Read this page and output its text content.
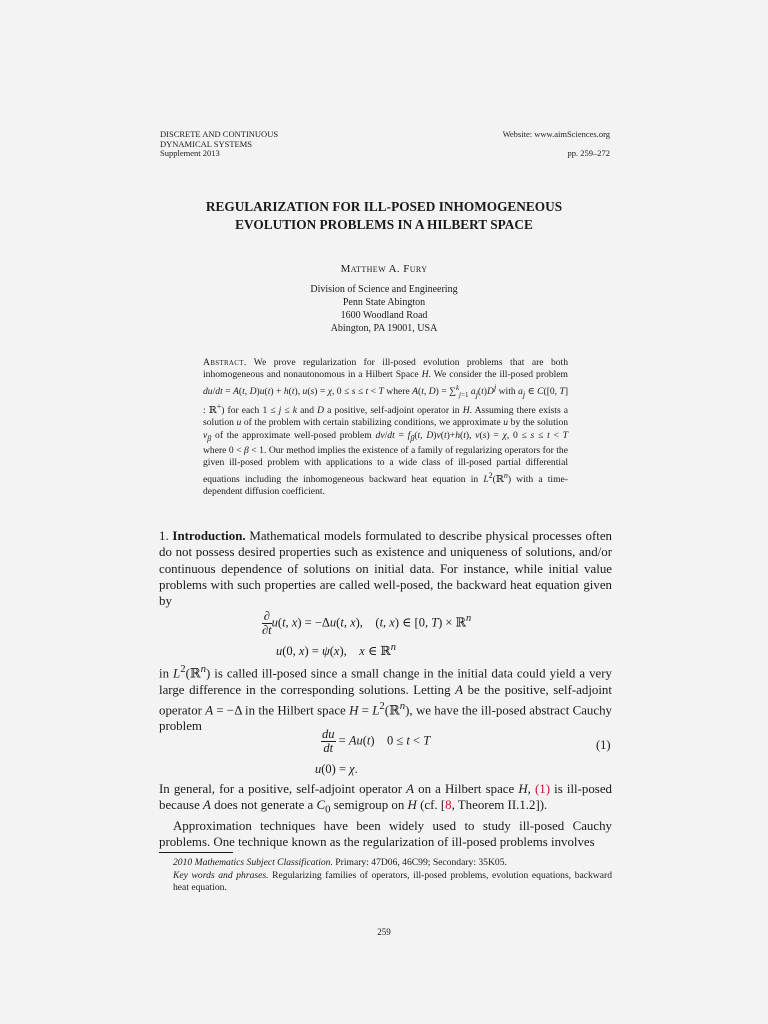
DISCRETE AND CONTINUOUS
DYNAMICAL SYSTEMS
Supplement 2013
Website: www.aimSciences.org
pp. 259–272
REGULARIZATION FOR ILL-POSED INHOMOGENEOUS
EVOLUTION PROBLEMS IN A HILBERT SPACE
Matthew A. Fury
Division of Science and Engineering
Penn State Abington
1600 Woodland Road
Abington, PA 19001, USA
Abstract. We prove regularization for ill-posed evolution problems that are both inhomogeneous and nonautonomous in a Hilbert Space H. We consider the ill-posed problem du/dt = A(t, D)u(t) + h(t), u(s) = χ, 0 ≤ s ≤ t < T where A(t, D) = ∑$^k_{j=1}$ $a_j(t)D^j$ with $a_j$ ∈ C([0, T] : ℝ+) for each 1 ≤ j ≤ k and D a positive, self-adjoint operator in H. Assuming there exists a solution u of the problem with certain stabilizing conditions, we approximate u by the solution $v_\beta$ of the approximate well-posed problem $dv/dt = f_\beta(t$, D)v(t)+h(t), v(s) = χ, 0 ≤ s ≤ t < T where 0 < β < 1. Our method implies the existence of a family of regularizing operators for the given ill-posed problem with applications to a wide class of ill-posed partial differential equations including the inhomogeneous backward heat equation in $L^2(ℝ^n)$ with a time-dependent diffusion coefficient.
1. Introduction. Mathematical models formulated to describe physical processes often do not possess desired properties such as existence and uniqueness of solutions, and/or continuous dependence of solutions on initial data. For instance, while initial value problems with such properties are called well-posed, the backward heat equation given by
$\frac{\partial}{\partial t} u(t$, x) = −Δu(t, x),    (t, x) ∈ [0, T) × ℝ$^n$
u(0, x) = ψ(x),    x ∈ ℝ$^n$
in $L^2(ℝ^n)$ is called ill-posed since a small change in the initial data could yield a very large difference in the corresponding solutions. Letting A be the positive, self-adjoint operator A = −Δ in the Hilbert space $H = L^2(ℝ^n)$, we have the ill-posed abstract Cauchy problem
$\frac{du}{dt} = Au(t)$    0 ≤ t < T	(1)
u(0) = χ.
In general, for a positive, self-adjoint operator A on a Hilbert space H, (1) is ill-posed because A does not generate a $C_0$ semigroup on H (cf. [8, Theorem II.1.2]).
Approximation techniques have been widely used to study ill-posed Cauchy problems. One technique known as the regularization of ill-posed problems involves
2010 Mathematics Subject Classification. Primary: 47D06, 46C99; Secondary: 35K05.
Key words and phrases. Regularizing families of operators, ill-posed problems, evolution equations, backward heat equation.
259
